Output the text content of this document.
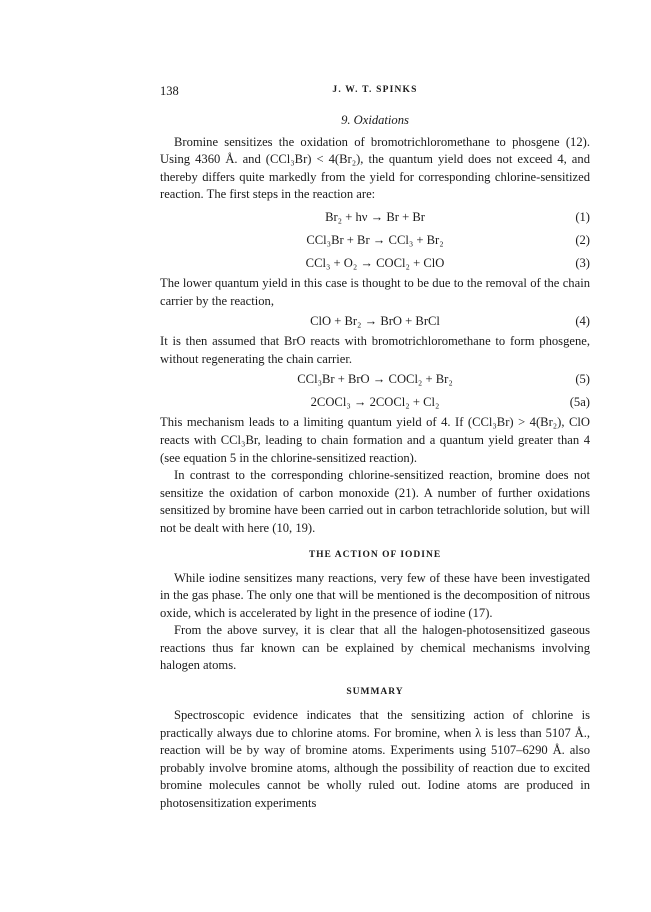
138	J. W. T. SPINKS
9. Oxidations

Bromine sensitizes the oxidation of bromotrichloromethane to phosgene (12). Using 4360 Å. and (CCl₃Br) < 4(Br₂), the quantum yield does not exceed 4, and thereby differs quite markedly from the yield for corresponding chlorine-sensitized reaction. The first steps in the reaction are:

Br₂ + hν → Br + Br	(1)
CCl₃Br + Br → CCl₃ + Br₂	(2)
CCl₃ + O₂ → COCl₂ + ClO	(3)

The lower quantum yield in this case is thought to be due to the removal of the chain carrier by the reaction,

ClO + Br₂ → BrO + BrCl	(4)

It is then assumed that BrO reacts with bromotrichloromethane to form phosgene, without regenerating the chain carrier.

CCl₃Br + BrO → COCl₂ + Br₂	(5)
2COCl₃ → 2COCl₂ + Cl₂	(5a)

This mechanism leads to a limiting quantum yield of 4. If (CCl₃Br) > 4(Br₂), ClO reacts with CCl₃Br, leading to chain formation and a quantum yield greater than 4 (see equation 5 in the chlorine-sensitized reaction).

In contrast to the corresponding chlorine-sensitized reaction, bromine does not sensitize the oxidation of carbon monoxide (21). A number of further oxidations sensitized by bromine have been carried out in carbon tetrachloride solution, but will not be dealt with here (10, 19).

THE ACTION OF IODINE

While iodine sensitizes many reactions, very few of these have been investigated in the gas phase. The only one that will be mentioned is the decomposition of nitrous oxide, which is accelerated by light in the presence of iodine (17).

From the above survey, it is clear that all the halogen-photosensitized gaseous reactions thus far known can be explained by chemical mechanisms involving halogen atoms.

SUMMARY

Spectroscopic evidence indicates that the sensitizing action of chlorine is practically always due to chlorine atoms. For bromine, when λ is less than 5107 Å., reaction will be by way of bromine atoms. Experiments using 5107–6290 Å. also probably involve bromine atoms, although the possibility of reaction due to excited bromine molecules cannot be wholly ruled out. Iodine atoms are produced in photosensitization experiments
